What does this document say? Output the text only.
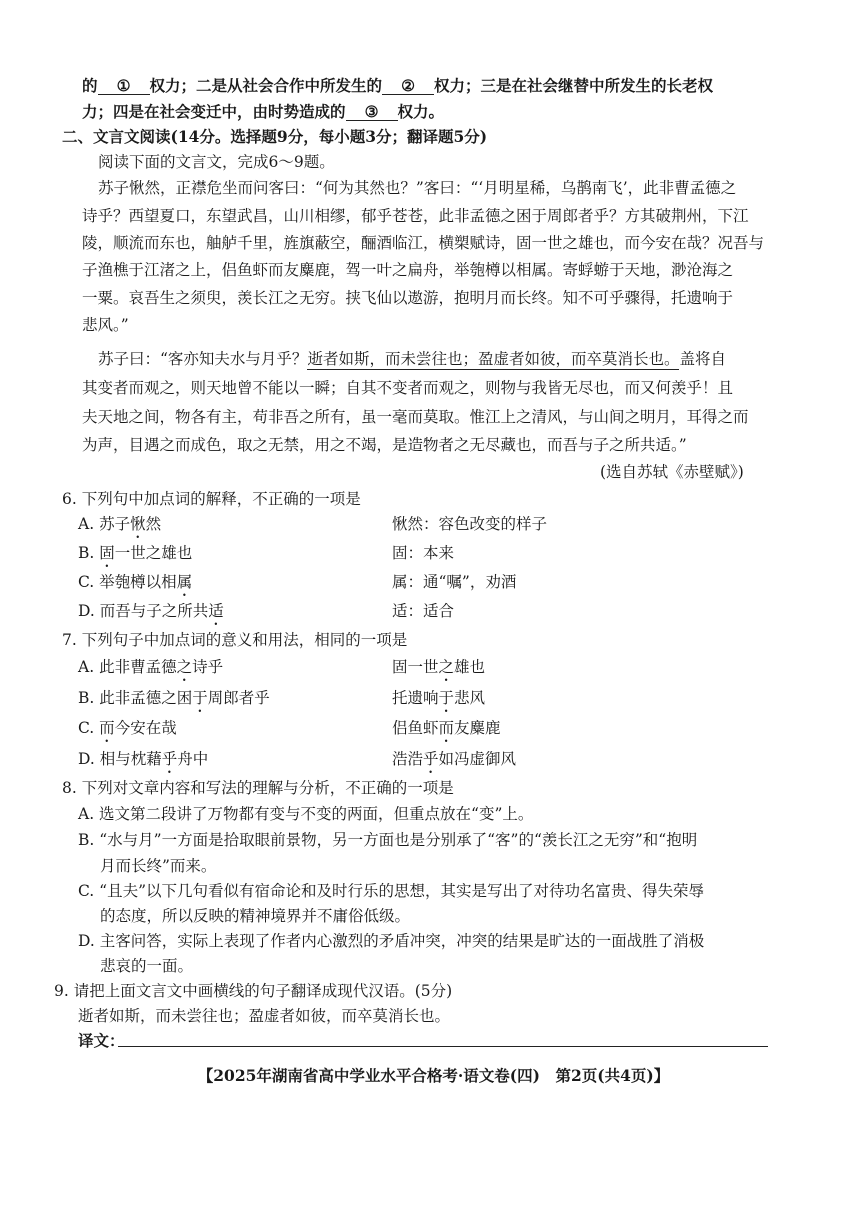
的 ① 权力；二是从社会合作中所发生的 ② 权力；三是在社会继替中所发生的长老权
力；四是在社会变迁中，由时势造成的 ③ 权力。
二、文言文阅读(14分。选择题9分，每小题3分；翻译题5分)
阅读下面的文言文，完成6～9题。
苏子愀然，正襟危坐而问客曰：“何为其然也？”客曰：“‘月明星稀，乌鹊南飞’，此非曹孟德之
诗乎？西望夏口，东望武昌，山川相缪，郁乎苍苍，此非孟德之困于周郎者乎？方其破荆州，下江
陵，顺流而东也，舳舻千里，旌旗蔽空，酾酒临江，横槊赋诗，固一世之雄也，而今安在哉？况吾与
子渔樵于江渚之上，侣鱼虾而友麋鹿，驾一叶之扁舟，举匏樽以相属。寄蜉蝣于天地，渺沧海之
一粟。哀吾生之须臾，羡长江之无穷。挟飞仙以遨游，抱明月而长终。知不可乎骤得，托遗响于
悲风。”
苏子曰：“客亦知夫水与月乎？逝者如斯，而未尝往也；盈虚者如彼，而卒莫消长也。盖将自
其变者而观之，则天地曾不能以一瞬；自其不变者而观之，则物与我皆无尽也，而又何羡乎！且
夫天地之间，物各有主，苟非吾之所有，虽一毫而莫取。惟江上之清风，与山间之明月，耳得之而
为声，目遇之而成色，取之无禁，用之不竭，是造物者之无尽藏也，而吾与子之所共适。”
(选自苏轼《赤壁赋》)
6. 下列句中加点词的解释，不正确的一项是
A. 苏子愀然	愀然：容色改变的样子
B. 固一世之雄也	固：本来
C. 举匏樽以相属	属：通“嘱”，劝酒
D. 而吾与子之所共适	适：适合
7. 下列句子中加点词的意义和用法，相同的一项是
A. 此非曹孟德之诗乎	固一世之雄也
B. 此非孟德之困于周郎者乎	托遗响于悲风
C. 而今安在哉	侣鱼虾而友麋鹿
D. 相与枕藉乎舟中	浩浩乎如冯虚御风
8. 下列对文章内容和写法的理解与分析，不正确的一项是
A. 选文第二段讲了万物都有变与不变的两面，但重点放在“变”上。
B. “水与月”一方面是拾取眼前景物，另一方面也是分别承了“客”的“羡长江之无穷”和“抱明
月而长终”而来。
C. “且夫”以下几句看似有宿命论和及时行乐的思想，其实是写出了对待功名富贵、得失荣辱
的态度，所以反映的精神境界并不庸俗低级。
D. 主客问答，实际上表现了作者内心激烈的矛盾冲突，冲突的结果是旷达的一面战胜了消极
悲哀的一面。
9. 请把上面文言文中画横线的句子翻译成现代汉语。(5分)
逝者如斯，而未尝往也；盈虚者如彼，而卒莫消长也。
译文：
【2025年湖南省高中学业水平合格考·语文卷(四)　第2页(共4页)】
